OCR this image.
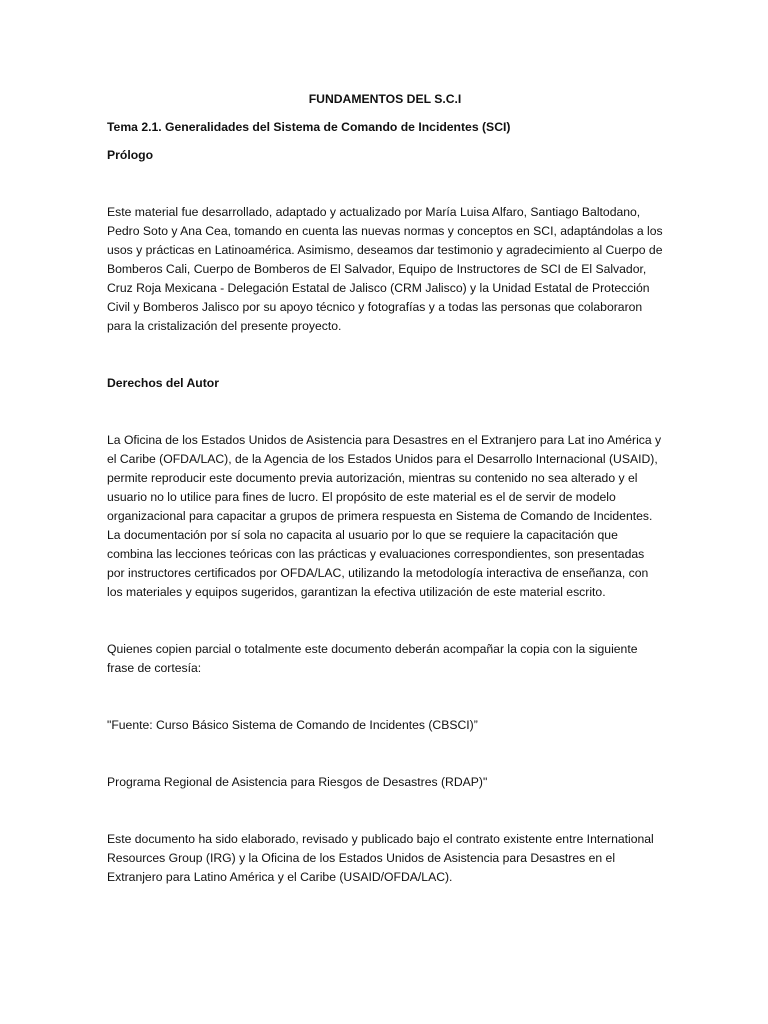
FUNDAMENTOS DEL S.C.I
Tema 2.1. Generalidades del Sistema de Comando de Incidentes (SCI)
Prólogo

Este material fue desarrollado, adaptado y actualizado por María Luisa Alfaro, Santiago Baltodano, Pedro Soto y Ana Cea, tomando en cuenta las nuevas normas y conceptos en SCI, adaptándolas a los usos y prácticas en Latinoamérica. Asimismo, deseamos dar testimonio y agradecimiento al Cuerpo de Bomberos Cali, Cuerpo de Bomberos de El Salvador, Equipo de Instructores de SCI de El Salvador, Cruz Roja Mexicana - Delegación Estatal de Jalisco (CRM Jalisco) y la Unidad Estatal de Protección Civil y Bomberos Jalisco por su apoyo técnico y fotografías y a todas las personas que colaboraron para la cristalización del presente proyecto.

Derechos del Autor

La Oficina de los Estados Unidos de Asistencia para Desastres en el Extranjero para Lat ino América y el Caribe (OFDA/LAC), de la Agencia de los Estados Unidos para el Desarrollo Internacional (USAID), permite reproducir este documento previa autorización, mientras su contenido no sea alterado y el usuario no lo utilice para fines de lucro. El propósito de este material es el de servir de modelo organizacional para capacitar a grupos de primera respuesta en Sistema de Comando de Incidentes. La documentación por sí sola no capacita al usuario por lo que se requiere la capacitación que combina las lecciones teóricas con las prácticas y evaluaciones correspondientes, son presentadas por instructores certificados por OFDA/LAC, utilizando la metodología interactiva de enseñanza, con los materiales y equipos sugeridos, garantizan la efectiva utilización de este material escrito.

Quienes copien parcial o totalmente este documento deberán acompañar la copia con la siguiente frase de cortesía:

"Fuente: Curso Básico Sistema de Comando de Incidentes (CBSCI)”

Programa Regional de Asistencia para Riesgos de Desastres (RDAP)"

Este documento ha sido elaborado, revisado y publicado bajo el contrato existente entre International Resources Group (IRG) y la Oficina de los Estados Unidos de Asistencia para Desastres en el Extranjero para Latino América y el Caribe (USAID/OFDA/LAC).
